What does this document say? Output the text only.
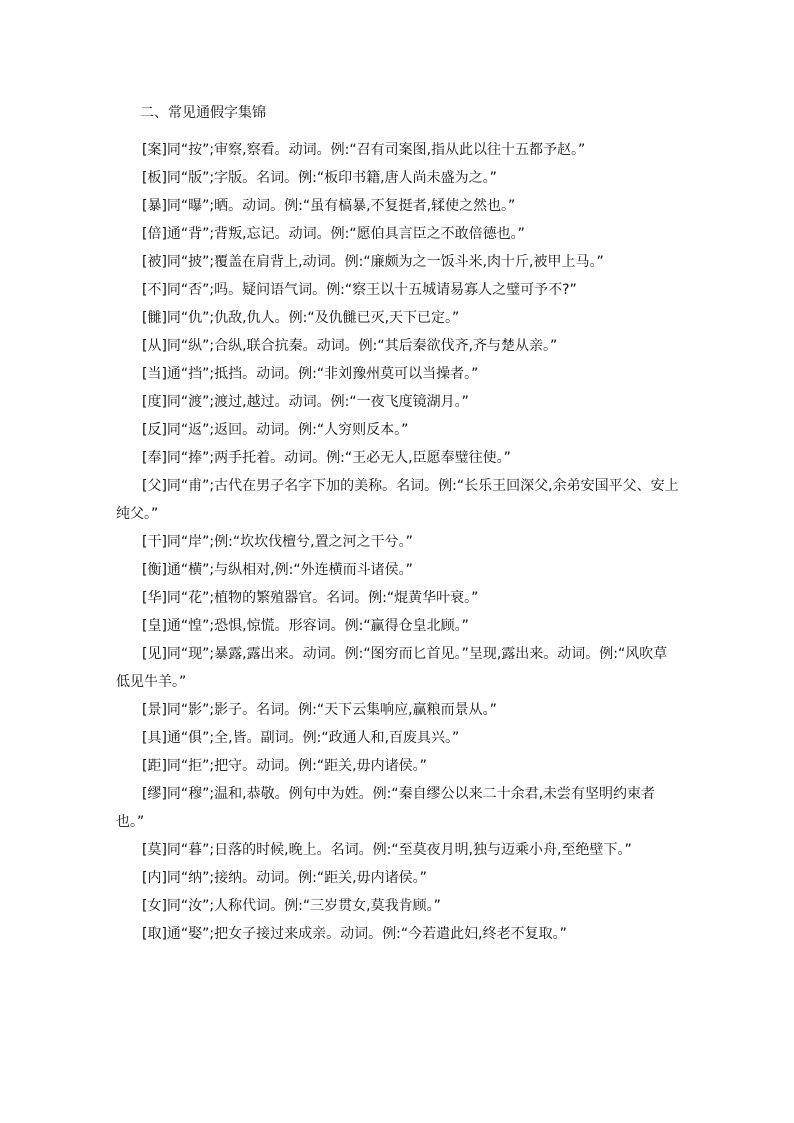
二、常见通假字集锦

[案]同“按”;审察,察看。动词。例:“召有司案图,指从此以往十五都予赵。”

[板]同“版”;字版。名词。例:“板印书籍,唐人尚未盛为之。”

[暴]同“曝”;晒。动词。例:“虽有槁暴,不复挺者,𫐓使之然也。”

[倍]通“背”;背叛,忘记。动词。例:“愿伯具言臣之不敢倍德也。”

[被]同“披”;覆盖在肩背上,动词。例:“廉颇为之一饭斗米,肉十斤,被甲上马。”

[不]同“否”;吗。疑问语气词。例:“察王以十五城请易寡人之璧可予不?”

[雠]同“仇”;仇敌,仇人。例:“及仇雠已灭,天下已定。”

[从]同“纵”;合纵,联合抗秦。动词。例:“其后秦欲伐齐,齐与楚从亲。”

[当]通“挡”;抵挡。动词。例:“非刘豫州莫可以当操者。”

[度]同“渡”;渡过,越过。动词。例:“一夜飞度镜湖月。”

[反]同“返”;返回。动词。例:“人穷则反本。”

[奉]同“捧”;两手托着。动词。例:“王必无人,臣愿奉璧往使。”

[父]同“甫”;古代在男子名字下加的美称。名词。例:“长乐王回深父,余弟安国平父、安上纯父。”

[干]同“岸”;例:“坎坎伐檀兮,置之河之干兮。”

[衡]通“横”;与纵相对,例:“外连横而斗诸侯。”

[华]同“花”;植物的繁殖器官。名词。例:“焜黄华叶衰。”

[皇]通“惶”;恐惧,惊慌。形容词。例:“赢得仓皇北顾。”

[见]同“现”;暴露,露出来。动词。例:“图穷而匕首见。”呈现,露出来。动词。例:“风吹草低见牛羊。”

[景]同“影”;影子。名词。例:“天下云集响应,赢粮而景从。”

[具]通“俱”;全,皆。副词。例:“政通人和,百废具兴。”

[距]同“拒”;把守。动词。例:“距关,毋内诸侯。”

[缪]同“穆”;温和,恭敬。例句中为姓。例:“秦自缪公以来二十余君,未尝有坚明约束者也。”

[莫]同“暮”;日落的时候,晚上。名词。例:“至莫夜月明,独与迈乘小舟,至绝壁下。”

[内]同“纳”;接纳。动词。例:“距关,毋内诸侯。”

[女]同“汝”;人称代词。例:“三岁贯女,莫我肯顾。”

[取]通“娶”;把女子接过来成亲。动词。例:“今若遣此妇,终老不复取。”
